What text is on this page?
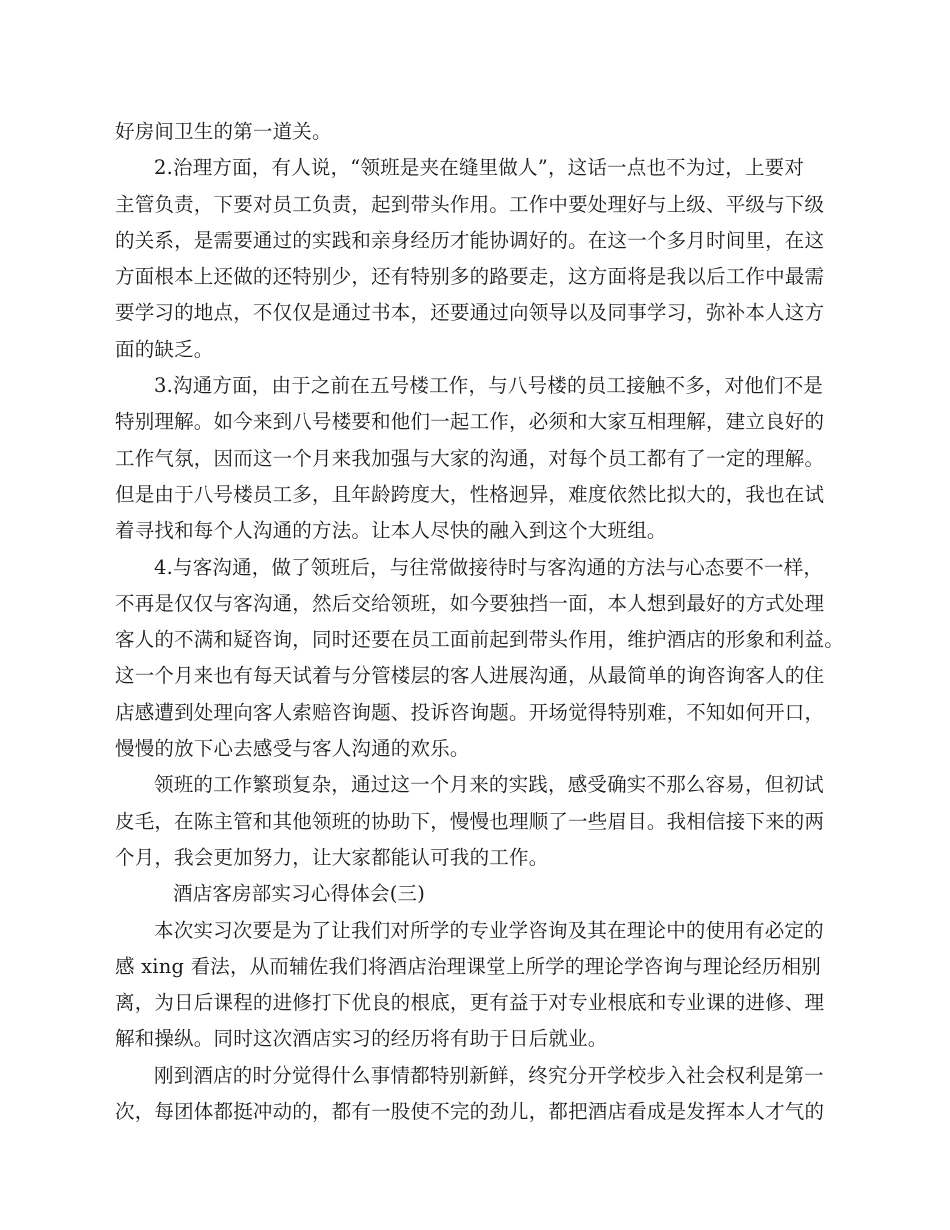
好房间卫生的第一道关。
2.治理方面，有人说，“领班是夹在缝里做人”，这话一点也不为过，上要对
主管负责，下要对员工负责，起到带头作用。工作中要处理好与上级、平级与下级
的关系，是需要通过的实践和亲身经历才能协调好的。在这一个多月时间里，在这
方面根本上还做的还特别少，还有特别多的路要走，这方面将是我以后工作中最需
要学习的地点，不仅仅是通过书本，还要通过向领导以及同事学习，弥补本人这方
面的缺乏。
3.沟通方面，由于之前在五号楼工作，与八号楼的员工接触不多，对他们不是
特别理解。如今来到八号楼要和他们一起工作，必须和大家互相理解，建立良好的
工作气氛，因而这一个月来我加强与大家的沟通，对每个员工都有了一定的理解。
但是由于八号楼员工多，且年龄跨度大，性格迥异，难度依然比拟大的，我也在试
着寻找和每个人沟通的方法。让本人尽快的融入到这个大班组。
4.与客沟通，做了领班后，与往常做接待时与客沟通的方法与心态要不一样，
不再是仅仅与客沟通，然后交给领班，如今要独挡一面，本人想到最好的方式处理
客人的不满和疑咨询，同时还要在员工面前起到带头作用，维护酒店的形象和利益。
这一个月来也有每天试着与分管楼层的客人进展沟通，从最简单的询咨询客人的住
店感遭到处理向客人索赔咨询题、投诉咨询题。开场觉得特别难，不知如何开口，
慢慢的放下心去感受与客人沟通的欢乐。
领班的工作繁琐复杂，通过这一个月来的实践，感受确实不那么容易，但初试
皮毛，在陈主管和其他领班的协助下，慢慢也理顺了一些眉目。我相信接下来的两
个月，我会更加努力，让大家都能认可我的工作。
酒店客房部实习心得体会(三)
本次实习次要是为了让我们对所学的专业学咨询及其在理论中的使用有必定的
感 xing 看法，从而辅佐我们将酒店治理课堂上所学的理论学咨询与理论经历相别
离，为日后课程的进修打下优良的根底，更有益于对专业根底和专业课的进修、理
解和操纵。同时这次酒店实习的经历将有助于日后就业。
刚到酒店的时分觉得什么事情都特别新鲜，终究分开学校步入社会权利是第一
次，每团体都挺冲动的，都有一股使不完的劲儿，都把酒店看成是发挥本人才气的
